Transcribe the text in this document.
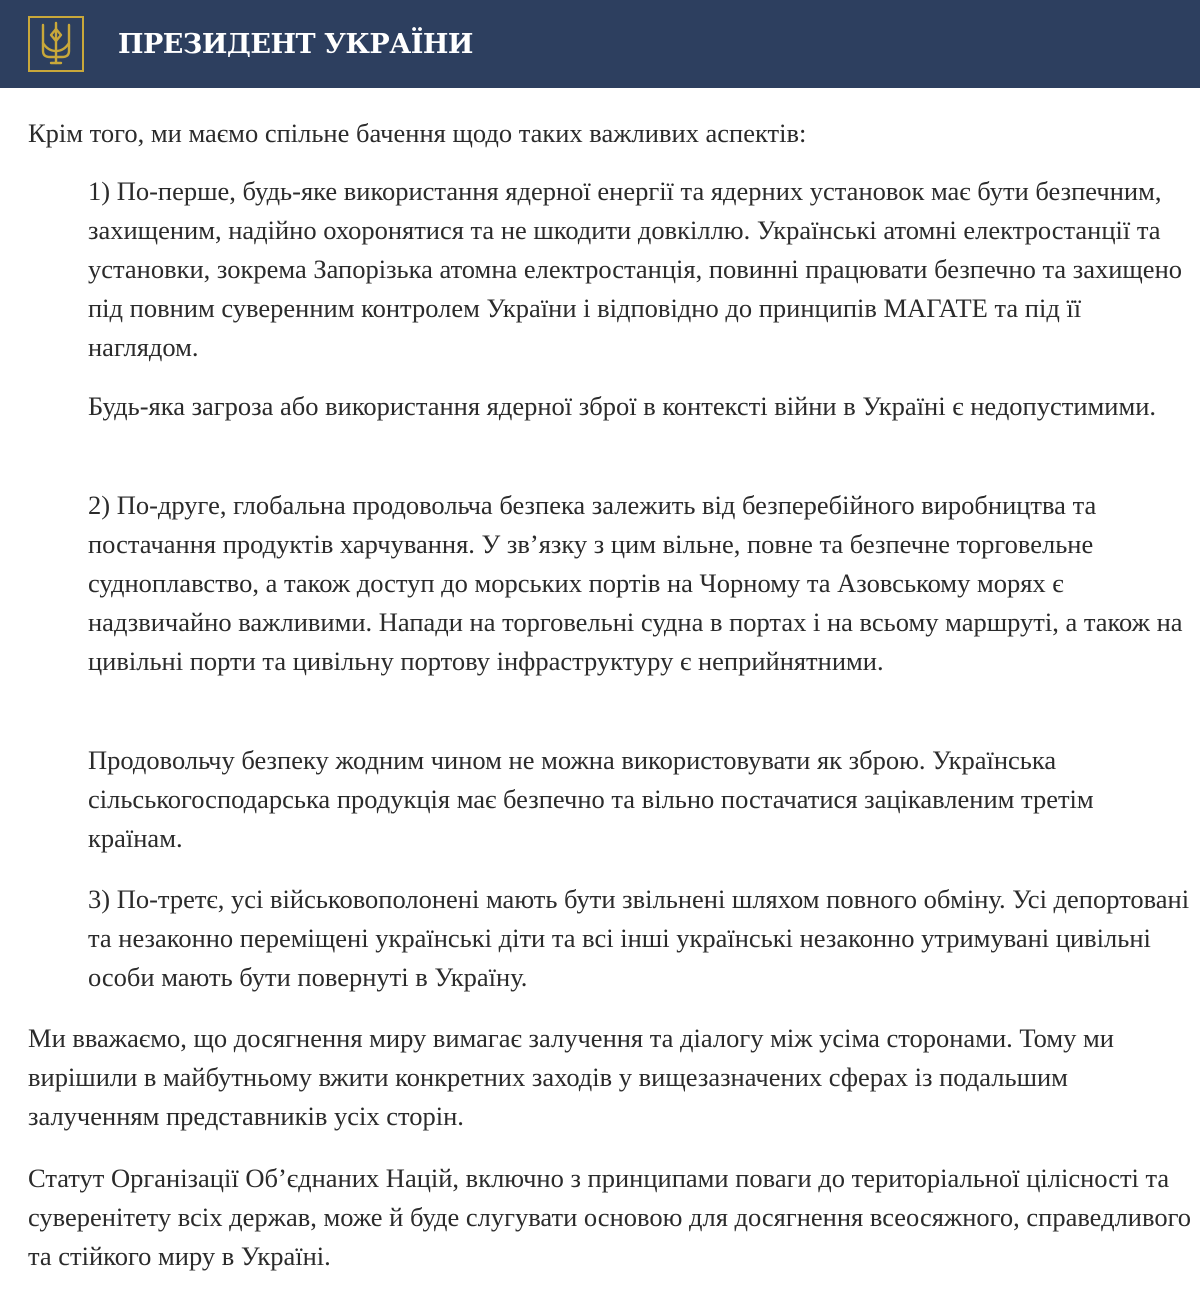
ПРЕЗИДЕНТ УКРАЇНИ

Крім того, ми маємо спільне бачення щодо таких важливих аспектів:

1) По-перше, будь-яке використання ядерної енергії та ядерних установок має бути безпечним, захищеним, надійно охоронятися та не шкодити довкіллю. Українські атомні електростанції та установки, зокрема Запорізька атомна електростанція, повинні працювати безпечно та захищено під повним суверенним контролем України і відповідно до принципів МАГАТЕ та під її наглядом.

Будь-яка загроза або використання ядерної зброї в контексті війни в Україні є недопустимими.

2) По-друге, глобальна продовольча безпека залежить від безперебійного виробництва та постачання продуктів харчування. У зв’язку з цим вільне, повне та безпечне торговельне судноплавство, а також доступ до морських портів на Чорному та Азовському морях є надзвичайно важливими. Напади на торговельні судна в портах і на всьому маршруті, а також на цивільні порти та цивільну портову інфраструктуру є неприйнятними.

Продовольчу безпеку жодним чином не можна використовувати як зброю. Українська сільськогосподарська продукція має безпечно та вільно постачатися зацікавленим третім країнам.

3) По-третє, усі військовополонені мають бути звільнені шляхом повного обміну. Усі депортовані та незаконно переміщені українські діти та всі інші українські незаконно утримувані цивільні особи мають бути повернуті в Україну.

Ми вважаємо, що досягнення миру вимагає залучення та діалогу між усіма сторонами. Тому ми вирішили в майбутньому вжити конкретних заходів у вищезазначених сферах із подальшим залученням представників усіх сторін.

Статут Організації Об’єднаних Націй, включно з принципами поваги до територіальної цілісності та суверенітету всіх держав, може й буде слугувати основою для досягнення всеосяжного, справедливого та стійкого миру в Україні.
